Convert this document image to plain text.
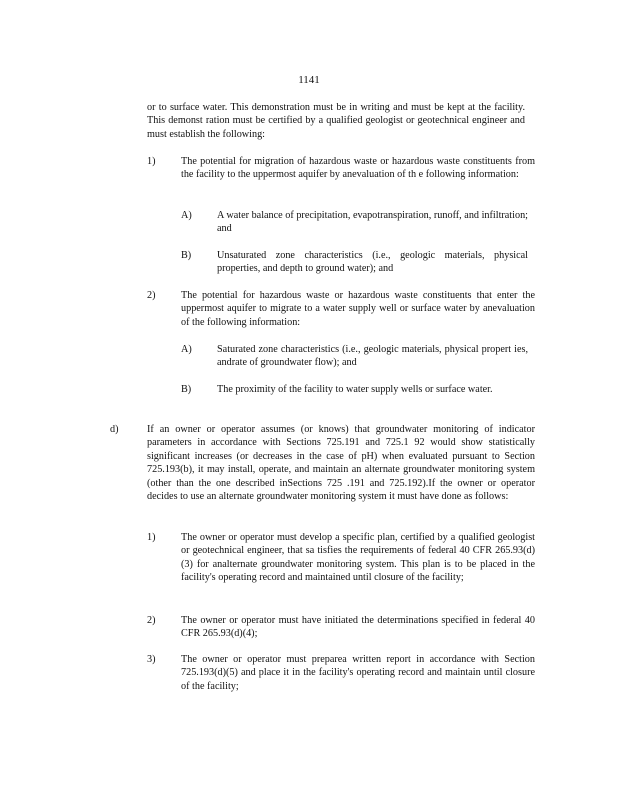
1141

or to surface water. This demonstration must be in writing and must be kept at the facility. This demonst ration must be certified by a qualified geologist or geotechnical engineer and must establish the following:

1)	The potential for migration of hazardous waste or hazardous waste constituents from the facility to the uppermost aquifer by anevaluation of th e following information:
A) A water balance of precipitation, evapotranspiration, runoff, and infiltration; and
B)	Unsaturated zone characteristics (i.e., geologic materials, physical properties, and depth to ground water); and
2)	The potential for hazardous waste or hazardous waste constituents that enter the uppermost aquifer to migrate to a water supply well or surface water by anevaluation of the following information:
A) Saturated zone characteristics (i.e., geologic materials, physical propert ies, andrate of groundwater flow); and
B)	The proximity of the facility to water supply wells or surface water.
d)	If an owner or operator assumes (or knows) that groundwater monitoring of indicator parameters in accordance with Sections 725.191 and 725.1 92 would show statistically significant increases (or decreases in the case of pH) when evaluated pursuant to Section 725.193(b), it may install, operate, and maintain an alternate groundwater monitoring system (other than the one described inSections 725 .191 and 725.192).If the owner or operator decides to use an alternate groundwater monitoring system it must have done as follows:
1)	The owner or operator must develop a specific plan, certified by a qualified geologist or geotechnical engineer, that sa tisfies the requirements of federal 40 CFR 265.93(d)(3) for analternate groundwater monitoring system. This plan is to be placed in the facility's operating record and maintained until closure of the facility;
2)	The owner or operator must have initiated the determinations specified in federal 40 CFR 265.93(d)(4);
3)	The owner or operator must preparea written report in accordance with Section 725.193(d)(5) and place it in the facility's operating record and maintain until closure of the facility;
